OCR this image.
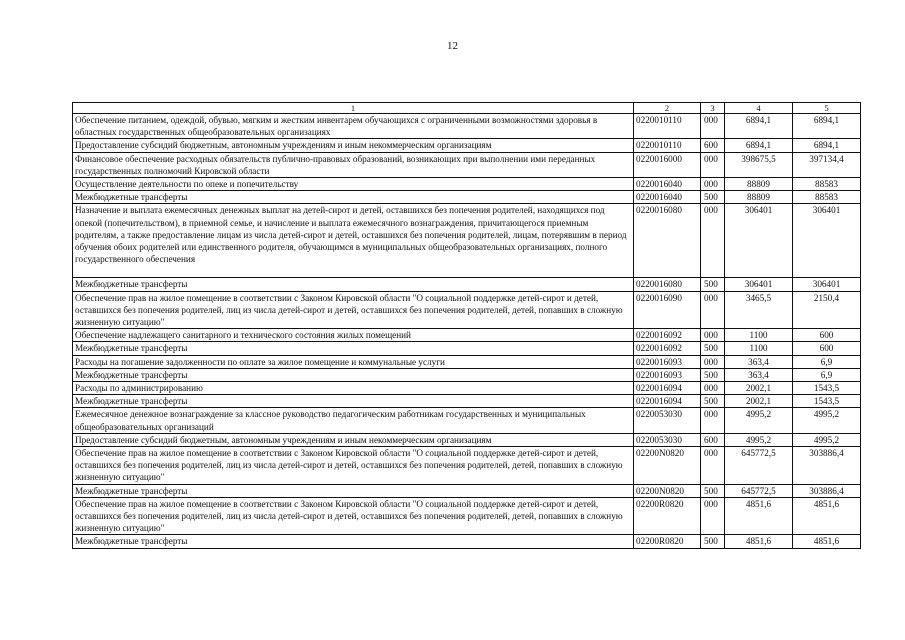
12
1	2	3	4	5
Обеспечение питанием, одеждой, обувью, мягким и жестким инвентарем обучающихся с ограниченными возможностями здоровья в областных государственных общеобразовательных организациях	0220010110	000	6894,1	6894,1
Предоставление субсидий бюджетным, автономным учреждениям и иным некоммерческим организациям	0220010110	600	6894,1	6894,1
Финансовое обеспечение расходных обязательств публично-правовых образований, возникающих при выполнении ими переданных государственных полномочий Кировской области	0220016000	000	398675,5	397134,4
Осуществление деятельности по опеке и попечительству	0220016040	000	88809	88583
Межбюджетные трансферты	0220016040	500	88809	88583
Назначение и выплата ежемесячных денежных выплат на детей-сирот и детей, оставшихся без попечения родителей, находящихся под опекой (попечительством), в приемной семье, и начисление и выплата ежемесячного вознаграждения, причитающегося приемным родителям, а также предоставление лицам из числа детей-сирот и детей, оставшихся без попечения родителей, лицам, потерявшим в период обучения обоих родителей или единственного родителя, обучающимся в муниципальных общеобразовательных организациях, полного государственного обеспечения	0220016080	000	306401	306401
Межбюджетные трансферты	0220016080	500	306401	306401
Обеспечение прав на жилое помещение в соответствии с Законом Кировской области "О социальной поддержке детей-сирот и детей, оставшихся без попечения родителей, лиц из числа детей-сирот и детей, оставшихся без попечения родителей, детей, попавших в сложную жизненную ситуацию"	0220016090	000	3465,5	2150,4
Обеспечение надлежащего санитарного и технического состояния жилых помещений	0220016092	000	1100	600
Межбюджетные трансферты	0220016092	500	1100	600
Расходы на погашение задолженности по оплате за жилое помещение и коммунальные услуги	0220016093	000	363,4	6,9
Межбюджетные трансферты	0220016093	500	363,4	6,9
Расходы по администрированию	0220016094	000	2002,1	1543,5
Межбюджетные трансферты	0220016094	500	2002,1	1543,5
Ежемесячное денежное вознаграждение за классное руководство педагогическим работникам государственных и муниципальных общеобразовательных организаций	0220053030	000	4995,2	4995,2
Предоставление субсидий бюджетным, автономным учреждениям и иным некоммерческим организациям	0220053030	600	4995,2	4995,2
Обеспечение прав на жилое помещение в соответствии с Законом Кировской области "О социальной поддержке детей-сирот и детей, оставшихся без попечения родителей, лиц из числа детей-сирот и детей, оставшихся без попечения родителей, детей, попавших в сложную жизненную ситуацию"	02200N0820	000	645772,5	303886,4
Межбюджетные трансферты	02200N0820	500	645772,5	303886,4
Обеспечение прав на жилое помещение в соответствии с Законом Кировской области "О социальной поддержке детей-сирот и детей, оставшихся без попечения родителей, лиц из числа детей-сирот и детей, оставшихся без попечения родителей, детей, попавших в сложную жизненную ситуацию"	02200R0820	000	4851,6	4851,6
Межбюджетные трансферты	02200R0820	500	4851,6	4851,6
